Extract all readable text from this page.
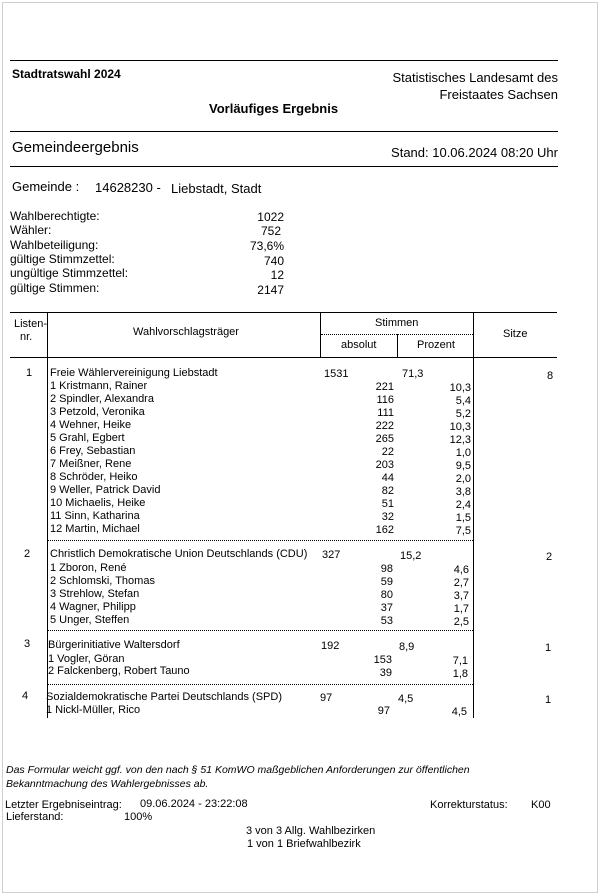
Stadtratswahl 2024	Statistisches Landesamt des
Freistaates Sachsen
Vorläufiges Ergebnis
Gemeindeergebnis	Stand: 10.06.2024 08:20 Uhr
Gemeinde : 14628230 - Liebstadt, Stadt
Wahlberechtigte:	1022
Wähler:	752
Wahlbeteiligung:	73,6%
gültige Stimmzettel:	740
ungültige Stimmzettel:	12
gültige Stimmen:	2147
Listen-
nr.	Wahlvorschlagsträger
Stimmen
absolut	Prozent
Sitze
1 Freie Wählervereinigung Liebstadt	1531	71,3	8
1 Kristmann, Rainer	221	10,3
2 Spindler, Alexandra	116	5,4
3 Petzold, Veronika	111	5,2
4 Wehner, Heike	222	10,3
5 Grahl, Egbert	265	12,3
6 Frey, Sebastian	22	1,0
7 Meißner, Rene	203	9,5
8 Schröder, Heiko	44	2,0
9 Weller, Patrick David	82	3,8
10 Michaelis, Heike	51	2,4
11 Sinn, Katharina	32	1,5
12 Martin, Michael	162	7,5
2 Christlich Demokratische Union Deutschlands (CDU) 327	15,2	2
1 Zboron, René	98	4,6
2 Schlomski, Thomas	59	2,7
3 Strehlow, Stefan	80	3,7
4 Wagner, Philipp	37	1,7
5 Unger, Steffen	53	2,5
3 Bürgerinitiative Waltersdorf	192	8,9	1
1 Vogler, Göran	153	7,1
2 Falckenberg, Robert Tauno	39	1,8
4 Sozialdemokratische Partei Deutschlands (SPD)	97	4,5	1
1 Nickl-Müller, Rico	97	4,5
Das Formular weicht ggf. von den nach § 51 KomWO maßgeblichen Anforderungen zur öffentlichen
Bekanntmachung des Wahlergebnisses ab.
Letzter Ergebniseintrag: 09.06.2024 - 23:22:08
Lieferstand:	100%
Korrekturstatus: K00
3 von 3 Allg. Wahlbezirken
1 von 1 Briefwahlbezirk
